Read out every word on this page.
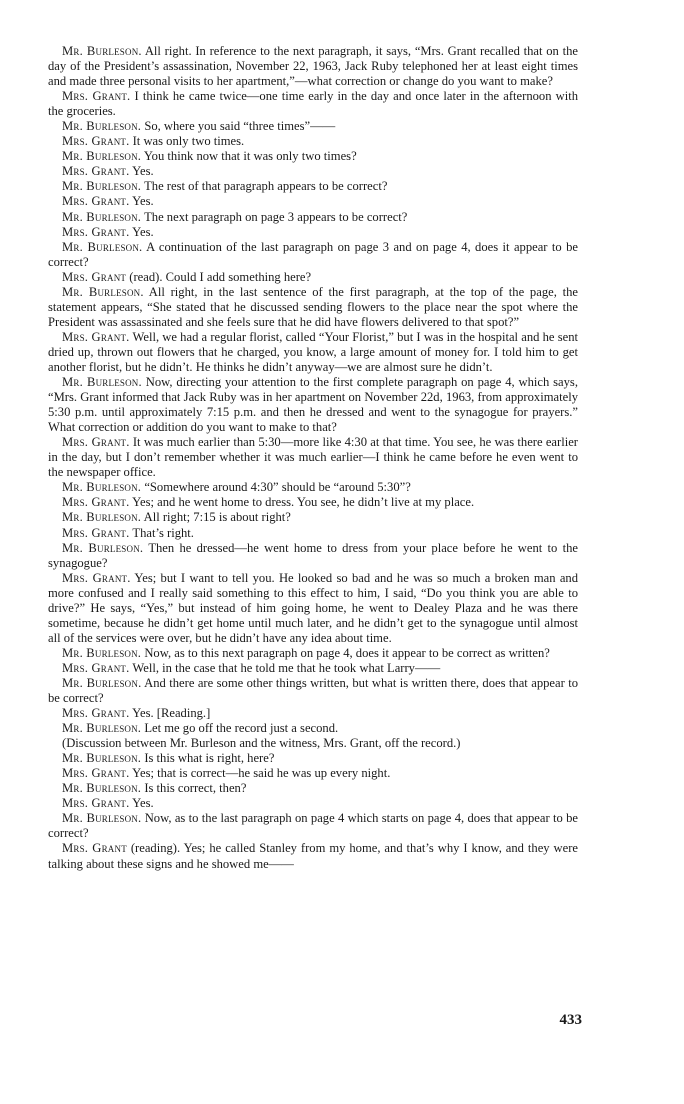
Mr. Burleson. All right. In reference to the next paragraph, it says, “Mrs. Grant recalled that on the day of the President’s assassination, November 22, 1963, Jack Ruby telephoned her at least eight times and made three personal visits to her apartment,”—what correction or change do you want to make?

Mrs. Grant. I think he came twice—one time early in the day and once later in the afternoon with the groceries.

Mr. Burleson. So, where you said “three times”——

Mrs. Grant. It was only two times.

Mr. Burleson. You think now that it was only two times?

Mrs. Grant. Yes.

Mr. Burleson. The rest of that paragraph appears to be correct?

Mrs. Grant. Yes.

Mr. Burleson. The next paragraph on page 3 appears to be correct?

Mrs. Grant. Yes.

Mr. Burleson. A continuation of the last paragraph on page 3 and on page 4, does it appear to be correct?

Mrs. Grant (read). Could I add something here?

Mr. Burleson. All right, in the last sentence of the first paragraph, at the top of the page, the statement appears, “She stated that he discussed sending flowers to the place near the spot where the President was assassinated and she feels sure that he did have flowers delivered to that spot?”

Mrs. Grant. Well, we had a regular florist, called “Your Florist,” but I was in the hospital and he sent dried up, thrown out flowers that he charged, you know, a large amount of money for. I told him to get another florist, but he didn’t. He thinks he didn’t anyway—we are almost sure he didn’t.

Mr. Burleson. Now, directing your attention to the first complete paragraph on page 4, which says, “Mrs. Grant informed that Jack Ruby was in her apartment on November 22d, 1963, from approximately 5:30 p.m. until approximately 7:15 p.m. and then he dressed and went to the synagogue for prayers.” What correction or addition do you want to make to that?

Mrs. Grant. It was much earlier than 5:30—more like 4:30 at that time. You see, he was there earlier in the day, but I don’t remember whether it was much earlier—I think he came before he even went to the newspaper office.

Mr. Burleson. “Somewhere around 4:30” should be “around 5:30”?

Mrs. Grant. Yes; and he went home to dress. You see, he didn’t live at my place.

Mr. Burleson. All right; 7:15 is about right?

Mrs. Grant. That’s right.

Mr. Burleson. Then he dressed—he went home to dress from your place before he went to the synagogue?

Mrs. Grant. Yes; but I want to tell you. He looked so bad and he was so much a broken man and more confused and I really said something to this effect to him, I said, “Do you think you are able to drive?” He says, “Yes,” but instead of him going home, he went to Dealey Plaza and he was there sometime, because he didn’t get home until much later, and he didn’t get to the synagogue until almost all of the services were over, but he didn’t have any idea about time.

Mr. Burleson. Now, as to this next paragraph on page 4, does it appear to be correct as written?

Mrs. Grant. Well, in the case that he told me that he took what Larry——

Mr. Burleson. And there are some other things written, but what is written there, does that appear to be correct?

Mrs. Grant. Yes. [Reading.]

Mr. Burleson. Let me go off the record just a second.

(Discussion between Mr. Burleson and the witness, Mrs. Grant, off the record.)

Mr. Burleson. Is this what is right, here?

Mrs. Grant. Yes; that is correct—he said he was up every night.

Mr. Burleson. Is this correct, then?

Mrs. Grant. Yes.

Mr. Burleson. Now, as to the last paragraph on page 4 which starts on page 4, does that appear to be correct?

Mrs. Grant (reading). Yes; he called Stanley from my home, and that’s why I know, and they were talking about these signs and he showed me——

433
